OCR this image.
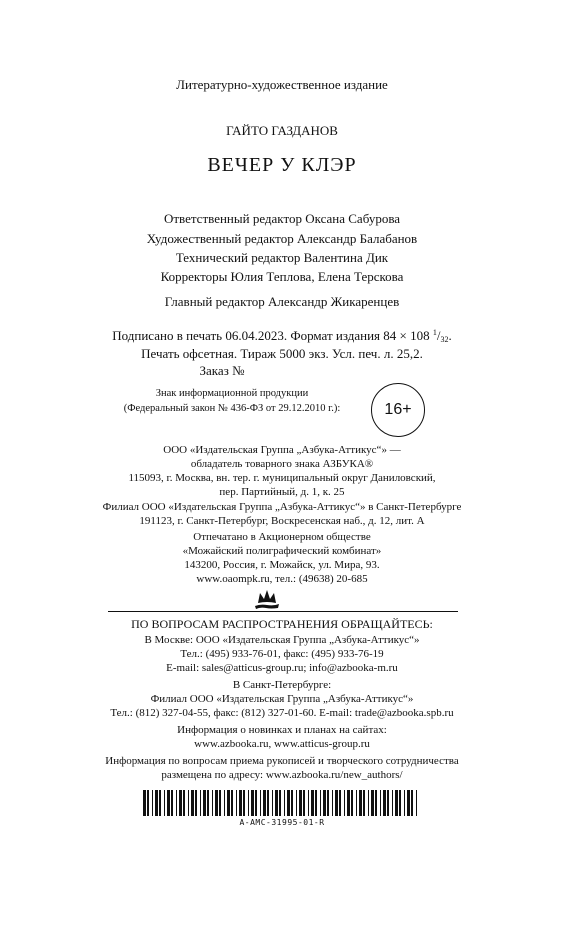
Литературно-художественное издание
ГАЙТО ГАЗДАНОВ
ВЕЧЕР У КЛЭР
Ответственный редактор Оксана Сабурова
Художественный редактор Александр Балабанов
Технический редактор Валентина Дик
Корректоры Юлия Теплова, Елена Терскова
Главный редактор Александр Жикаренцев
Подписано в печать 06.04.2023. Формат издания 84 × 108 $^1/_{32}$.
Печать офсетная. Тираж 5000 экз. Усл. печ. л. 25,2.
Заказ №
Знак информационной продукции
(Федеральный закон № 436-ФЗ от 29.12.2010 г.):	16+
ООО «Издательская Группа „Азбука-Аттикус“» —
обладатель товарного знака АЗБУКА®
115093, г. Москва, вн. тер. г. муниципальный округ Даниловский,
пер. Партийный, д. 1, к. 25
Филиал ООО «Издательская Группа „Азбука-Аттикус“» в Санкт-Петербурге
191123, г. Санкт-Петербург, Воскресенская наб., д. 12, лит. А
Отпечатано в Акционерном обществе
«Можайский полиграфический комбинат»
143200, Россия, г. Можайск, ул. Мира, 93.
www.oaompk.ru, тел.: (49638) 20-685
ПО ВОПРОСАМ РАСПРОСТРАНЕНИЯ ОБРАЩАЙТЕСЬ:
В Москве: ООО «Издательская Группа „Азбука-Аттикус“»
Тел.: (495) 933-76-01, факс: (495) 933-76-19
E-mail: sales@atticus-group.ru; info@azbooka-m.ru
В Санкт-Петербурге:
Филиал ООО «Издательская Группа „Азбука-Аттикус“»
Тел.: (812) 327-04-55, факс: (812) 327-01-60. E-mail: trade@azbooka.spb.ru
Информация о новинках и планах на сайтах:
www.azbooka.ru, www.atticus-group.ru
Информация по вопросам приема рукописей и творческого сотрудничества
размещена по адресу: www.azbooka.ru/new_authors/
A-AMC-31995-01-R
